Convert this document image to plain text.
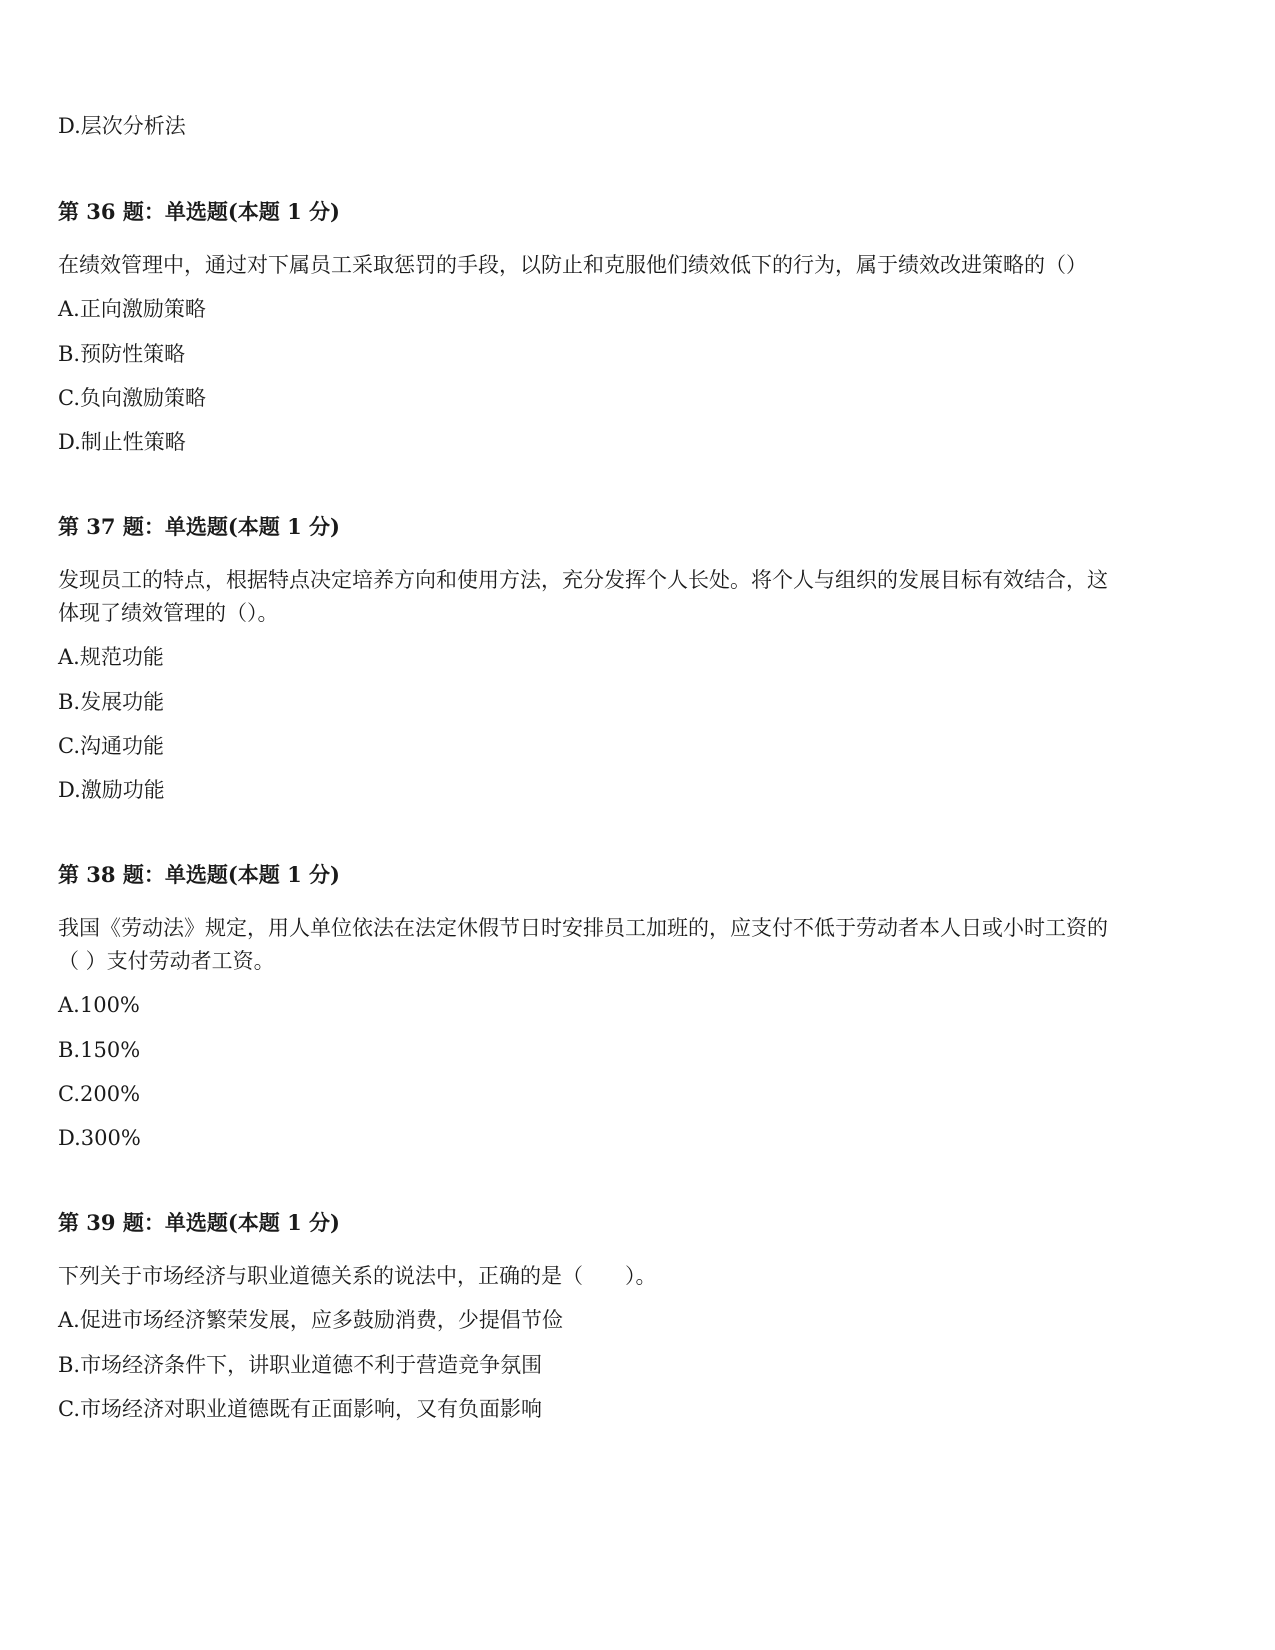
D.层次分析法
第 36 题：单选题(本题 1 分)
在绩效管理中，通过对下属员工采取惩罚的手段，以防止和克服他们绩效低下的行为，属于绩效改进策略的（）
A.正向激励策略
B.预防性策略
C.负向激励策略
D.制止性策略
第 37 题：单选题(本题 1 分)
发现员工的特点，根据特点决定培养方向和使用方法，充分发挥个人长处。将个人与组织的发展目标有效结合，这
体现了绩效管理的（）。
A.规范功能
B.发展功能
C.沟通功能
D.激励功能
第 38 题：单选题(本题 1 分)
我国《劳动法》规定，用人单位依法在法定休假节日时安排员工加班的，应支付不低于劳动者本人日或小时工资的
（ ）支付劳动者工资。
A.100%
B.150%
C.200%
D.300%
第 39 题：单选题(本题 1 分)
下列关于市场经济与职业道德关系的说法中，正确的是（　　）。
A.促进市场经济繁荣发展，应多鼓励消费，少提倡节俭
B.市场经济条件下，讲职业道德不利于营造竞争氛围
C.市场经济对职业道德既有正面影响，又有负面影响
